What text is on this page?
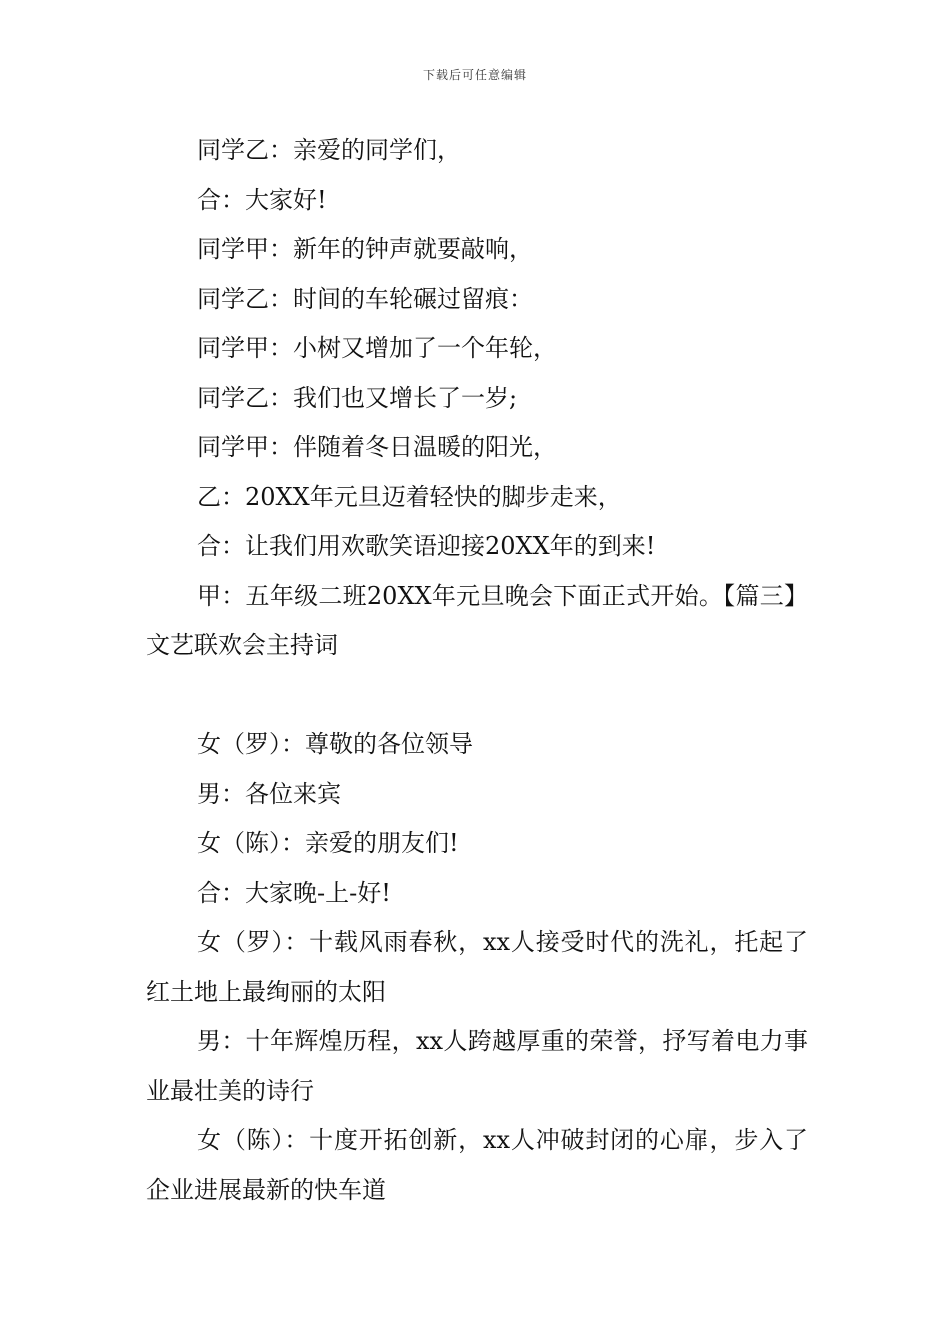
下载后可任意编辑

同学乙：亲爱的同学们，

合：大家好!

同学甲：新年的钟声就要敲响，

同学乙：时间的车轮碾过留痕：

同学甲：小树又增加了一个年轮，

同学乙：我们也又增长了一岁;

同学甲：伴随着冬日温暖的阳光，

乙：20XX年元旦迈着轻快的脚步走来，

合：让我们用欢歌笑语迎接20XX年的到来!

甲：五年级二班20XX年元旦晚会下面正式开始。【篇三】文艺联欢会主持词

女（罗）：尊敬的各位领导

男：各位来宾

女（陈）：亲爱的朋友们!

合：大家晚-上-好!

女（罗）：十载风雨春秋，xx人接受时代的洗礼，托起了红土地上最绚丽的太阳

男：十年辉煌历程，xx人跨越厚重的荣誉，抒写着电力事业最壮美的诗行

女（陈）：十度开拓创新，xx人冲破封闭的心扉，步入了企业进展最新的快车道
